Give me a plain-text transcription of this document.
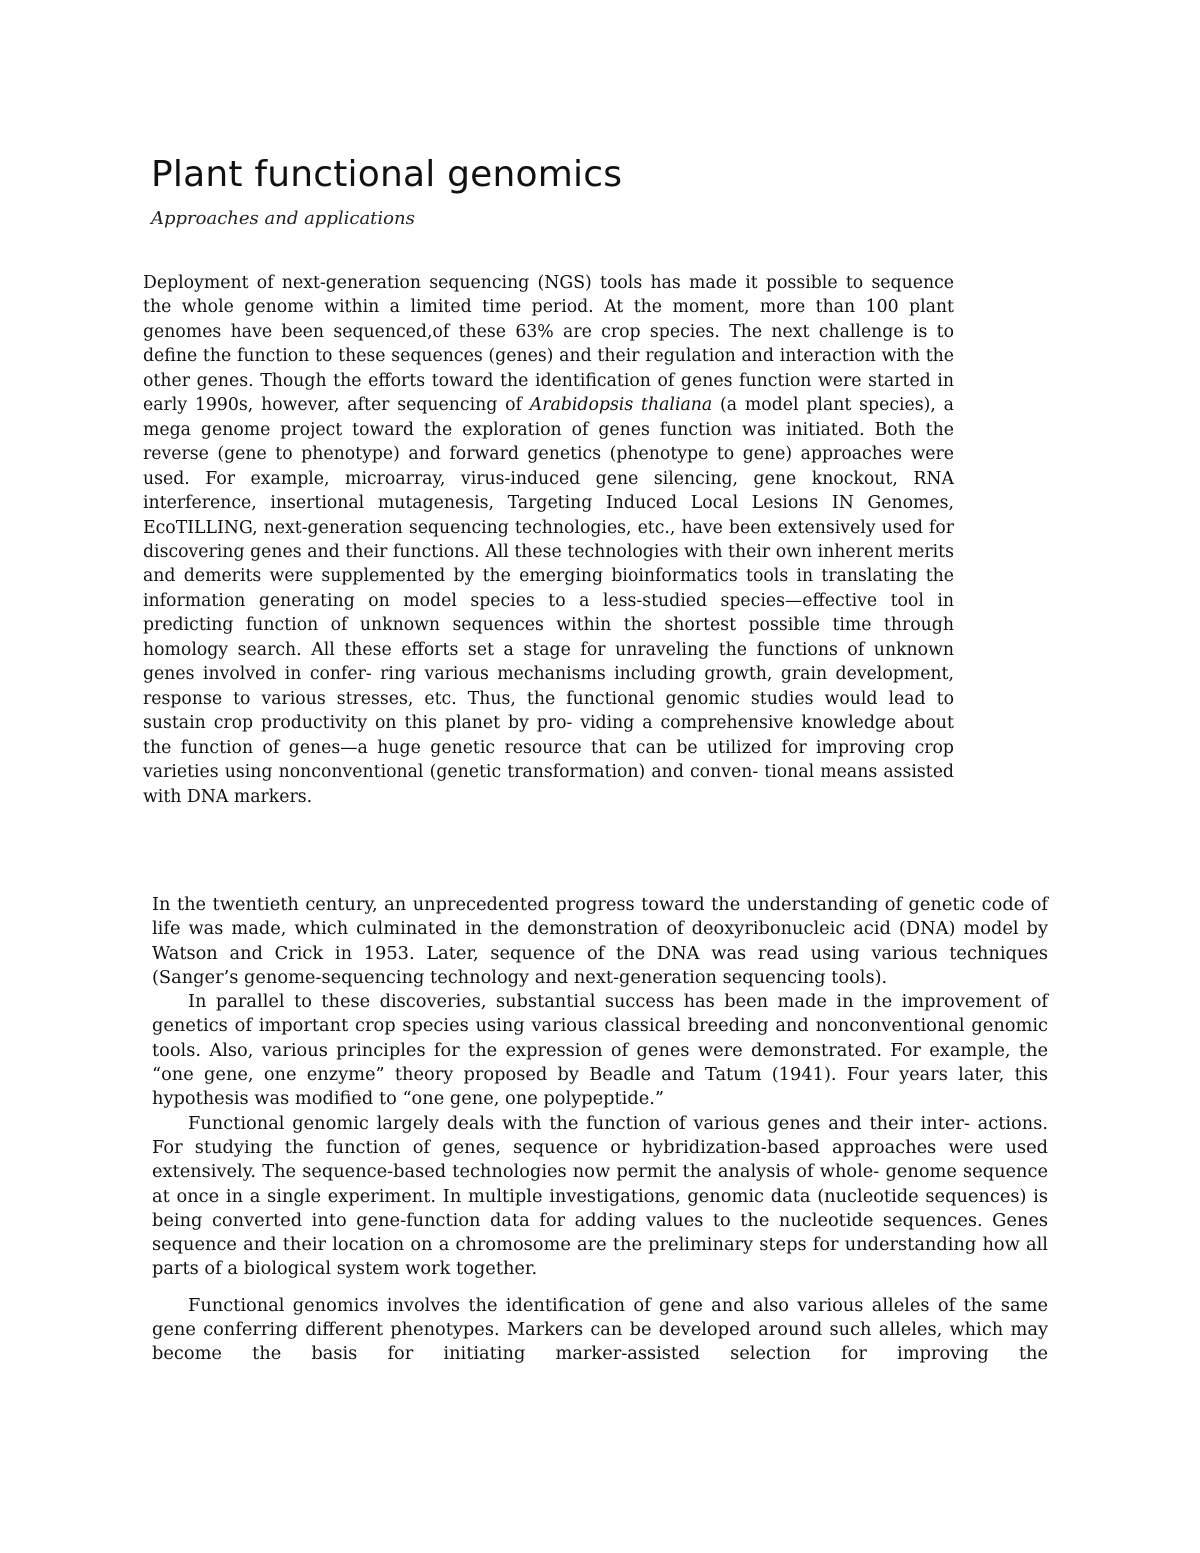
Plant functional genomics
Approaches and applications

Deployment of next-generation sequencing (NGS) tools has made it possible to sequence the whole genome within a limited time period. At the moment, more than 100 plant genomes have been sequenced,of these 63% are crop species. The next challenge is to define the function to these sequences (genes) and their regulation and interaction with the other genes. Though the efforts toward the identification of genes function were started in early 1990s, however, after sequencing of Arabidopsis thaliana (a model plant species), a mega genome project toward the exploration of genes function was initiated. Both the reverse (gene to phenotype) and forward genetics (phenotype to gene) approaches were used. For example, microarray, virus-induced gene silencing, gene knockout, RNA interference, insertional mutagenesis, Targeting Induced Local Lesions IN Genomes, EcoTILLING, next-generation sequencing technologies, etc., have been extensively used for discovering genes and their functions. All these technologies with their own inherent merits and demerits were supplemented by the emerging bioinformatics tools in translating the information generating on model species to a less-studied species—effective tool in predicting function of unknown sequences within the shortest possible time through homology search. All these efforts set a stage for unraveling the functions of unknown genes involved in confer- ring various mechanisms including growth, grain development, response to various stresses, etc. Thus, the functional genomic studies would lead to sustain crop productivity on this planet by pro- viding a comprehensive knowledge about the function of genes—a huge genetic resource that can be utilized for improving crop varieties using nonconventional (genetic transformation) and conven- tional means assisted with DNA markers.

In the twentieth century, an unprecedented progress toward the understanding of genetic code of life was made, which culminated in the demonstration of deoxyribonucleic acid (DNA) model by Watson and Crick in 1953. Later, sequence of the DNA was read using various techniques (Sanger’s genome-sequencing technology and next-generation sequencing tools).

In parallel to these discoveries, substantial success has been made in the improvement of genetics of important crop species using various classical breeding and nonconventional genomic tools. Also, various principles for the expression of genes were demonstrated. For example, the “one gene, one enzyme” theory proposed by Beadle and Tatum (1941). Four years later, this hypothesis was modified to “one gene, one polypeptide.”

Functional genomic largely deals with the function of various genes and their inter- actions. For studying the function of genes, sequence or hybridization-based approaches were used extensively. The sequence-based technologies now permit the analysis of whole- genome sequence at once in a single experiment. In multiple investigations, genomic data (nucleotide sequences) is being converted into gene-function data for adding values to the nucleotide sequences. Genes sequence and their location on a chromosome are the preliminary steps for understanding how all parts of a biological system work together.

Functional genomics involves the identification of gene and also various alleles of the same gene conferring different phenotypes. Markers can be developed around such alleles, which may become the basis for initiating marker-assisted selection for improving the
